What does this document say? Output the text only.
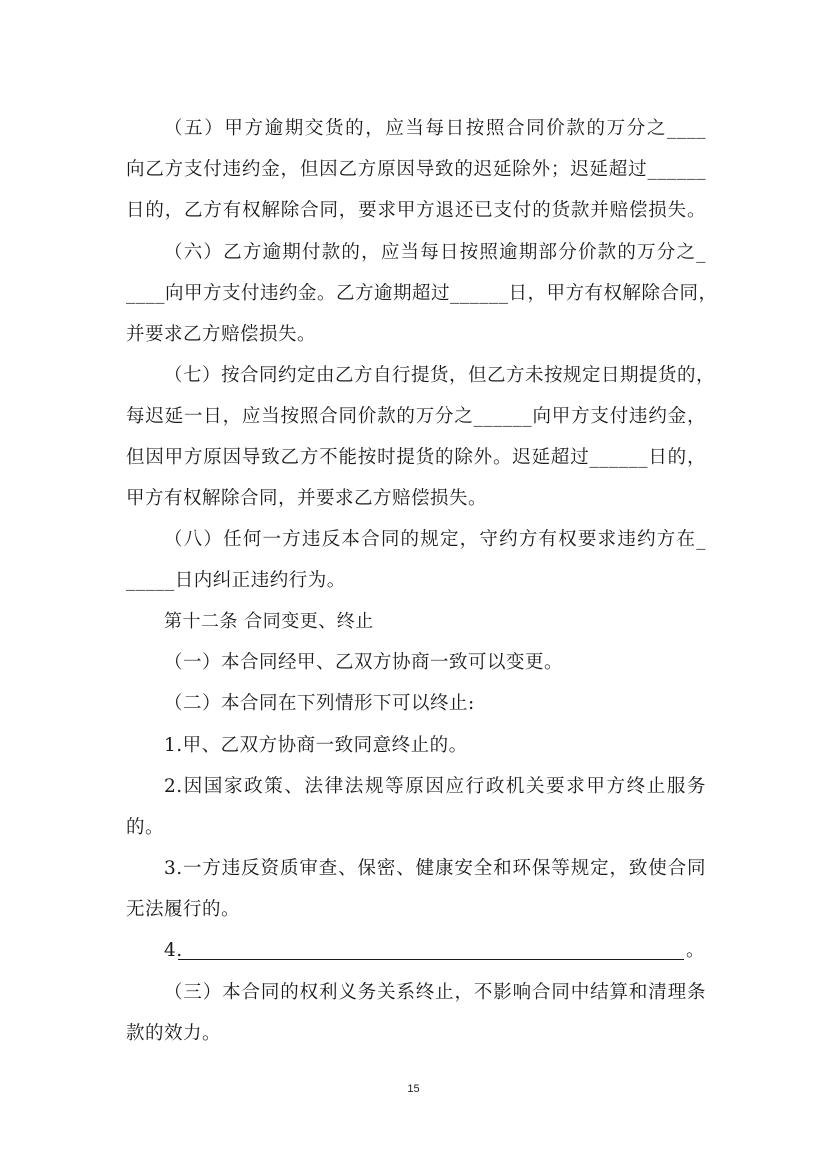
（五）甲方逾期交货的，应当每日按照合同价款的万分之____
向乙方支付违约金，但因乙方原因导致的迟延除外；迟延超过______
日的，乙方有权解除合同，要求甲方退还已支付的货款并赔偿损失。
（六）乙方逾期付款的，应当每日按照逾期部分价款的万分之_
____向甲方支付违约金。乙方逾期超过______日，甲方有权解除合同，
并要求乙方赔偿损失。
（七）按合同约定由乙方自行提货，但乙方未按规定日期提货的，
每迟延一日，应当按照合同价款的万分之______向甲方支付违约金，
但因甲方原因导致乙方不能按时提货的除外。迟延超过______日的，
甲方有权解除合同，并要求乙方赔偿损失。
（八）任何一方违反本合同的规定，守约方有权要求违约方在_
_____日内纠正违约行为。
第十二条 合同变更、终止
（一）本合同经甲、乙双方协商一致可以变更。
（二）本合同在下列情形下可以终止:
1.甲、乙双方协商一致同意终止的。
2.因国家政策、法律法规等原因应行政机关要求甲方终止服务
的。
3.一方违反资质审查、保密、健康安全和环保等规定，致使合同
无法履行的。
4.	。
（三）本合同的权利义务关系终止，不影响合同中结算和清理条
款的效力。
15
